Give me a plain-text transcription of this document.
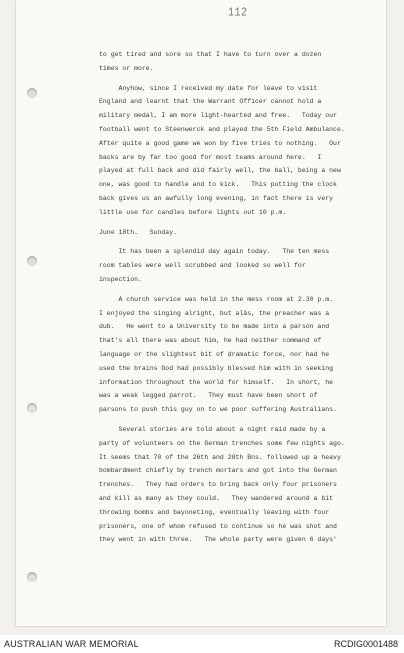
112
to get tired and sore so that I have to turn over a dozen
times or more.
Anyhow, since I received my date for leave to visit
England and learnt that the Warrant Officer cannot hold a
military medal, I am more light-hearted and free.   Today our
football went to Steenwerck and played the 5th Field Ambulance.
After quite a good game we won by five tries to nothing.   Our
backs are by far too good for most teams around here.   I
played at full back and did fairly well, the ball, being a new
one, was good to handle and to kick.   This putting the clock
back gives us an awfully long evening, in fact there is very
little use for candles before lights out 10 p.m.
June 18th.   Sunday.
It has been a splendid day again today.   The ten mess
room tables were well scrubbed and looked so well for
inspection.
A church service was held in the mess room at 2.30 p.m.
I enjoyed the singing alright, but alâs, the preacher was a
dub.   He went to a University to be made into a parson and
that's all there was about him, he had neither command of
language or the slightest bit of dramatic force, nor had he
used the brains God had possibly blessed him with in seeking
information throughout the world for himself.   In short, he
was a weak legged parrot.   They must have been short of
parsons to push this guy on to we poor suffering Australians.
Several stories are told about a night raid made by a
party of volunteers on the German trenches some few nights ago.
It seems that 70 of the 26th and 28th Bns. followed up a heavy
bombardment chiefly by trench mortars and got into the German
trenches.   They had orders to bring back only four prisoners
and kill as many as they could.   They wandered around a bit
throwing bombs and bayoneting, eventually leaving with four
prisoners, one of whom refused to continue so he was shot and
they went in with three.   The whole party were given 6 days'
AUSTRALIAN WAR MEMORIAL	RCDIG0001488
